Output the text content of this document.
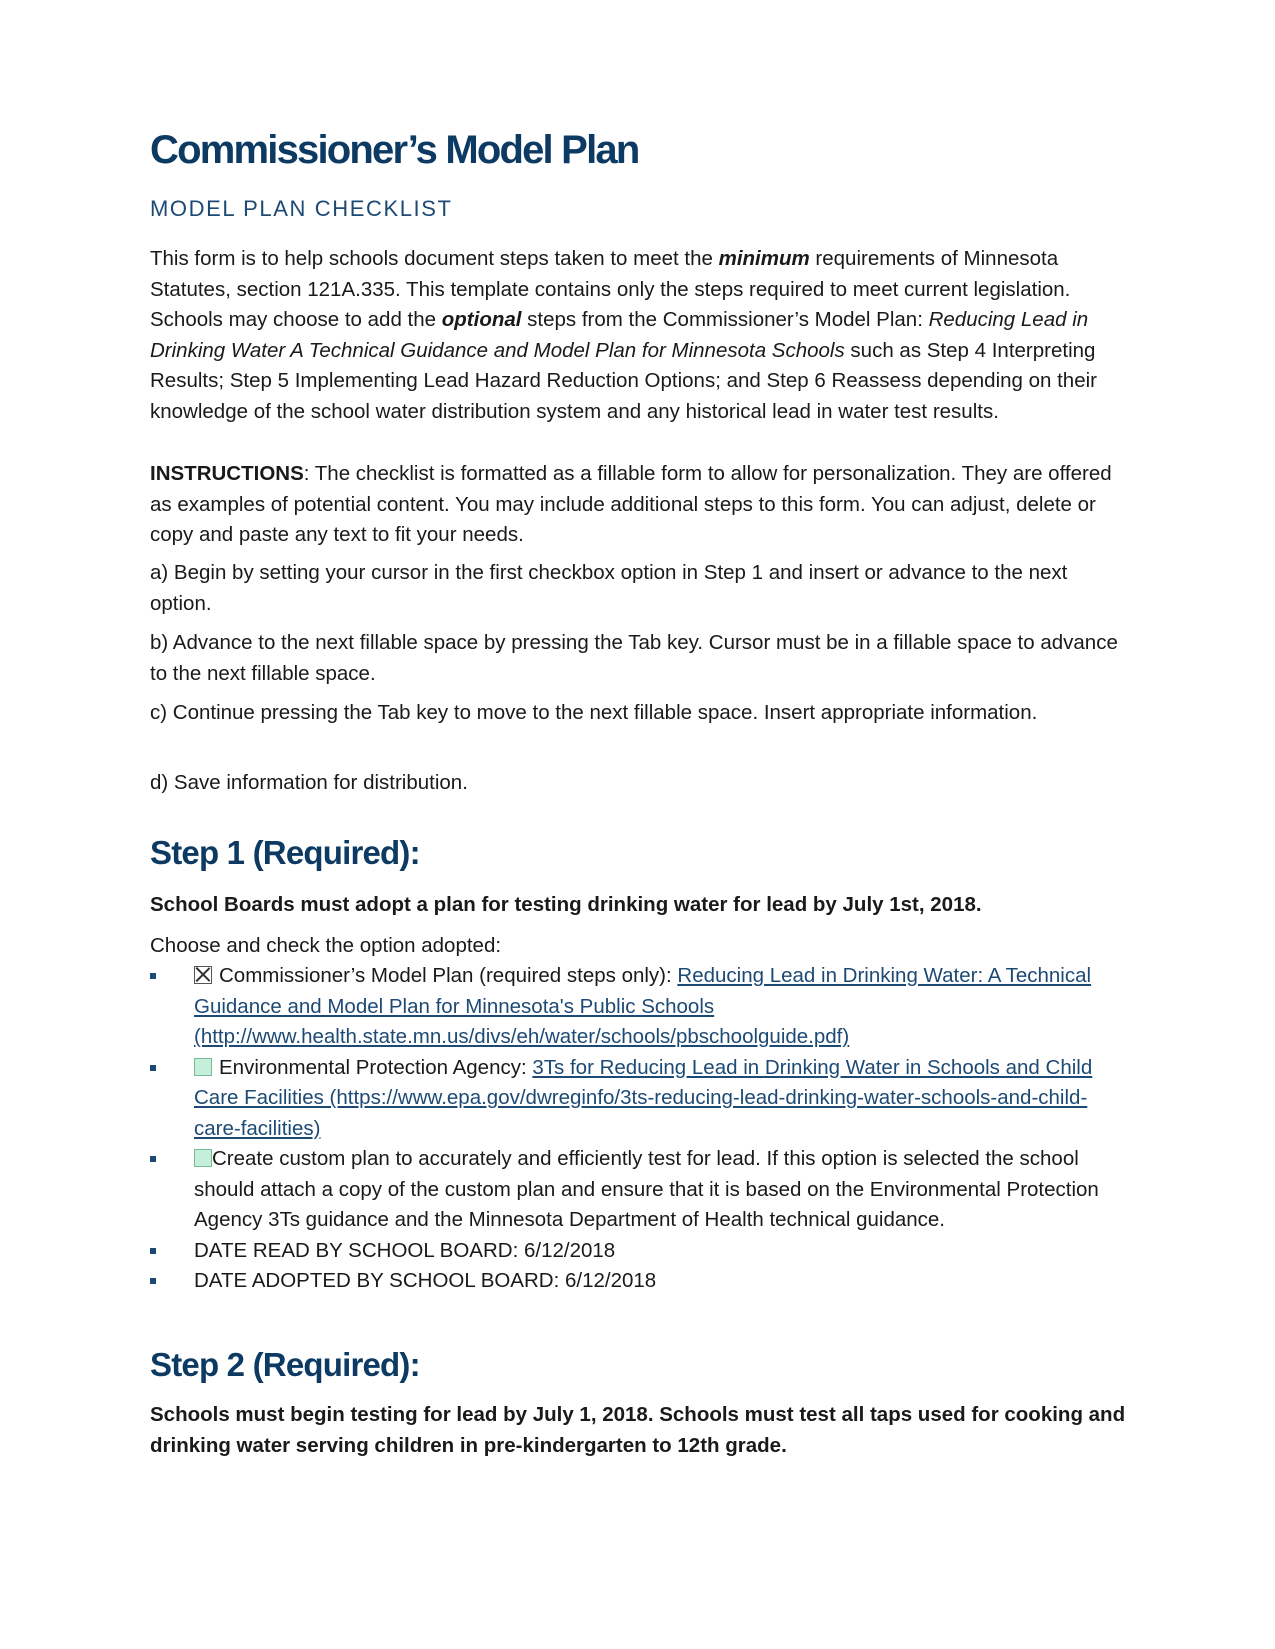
Commissioner’s Model Plan
MODEL PLAN CHECKLIST

This form is to help schools document steps taken to meet the minimum requirements of Minnesota Statutes, section 121A.335. This template contains only the steps required to meet current legislation. Schools may choose to add the optional steps from the Commissioner’s Model Plan: Reducing Lead in Drinking Water A Technical Guidance and Model Plan for Minnesota Schools such as Step 4 Interpreting Results; Step 5 Implementing Lead Hazard Reduction Options; and Step 6 Reassess depending on their knowledge of the school water distribution system and any historical lead in water test results.

INSTRUCTIONS: The checklist is formatted as a fillable form to allow for personalization. They are offered as examples of potential content. You may include additional steps to this form. You can adjust, delete or copy and paste any text to fit your needs.

a) Begin by setting your cursor in the first checkbox option in Step 1 and insert or advance to the next option.

b) Advance to the next fillable space by pressing the Tab key. Cursor must be in a fillable space to advance to the next fillable space.

c) Continue pressing the Tab key to move to the next fillable space. Insert appropriate information.

d) Save information for distribution.

Step 1 (Required):

School Boards must adopt a plan for testing drinking water for lead by July 1st, 2018.

Choose and check the option adopted:

Commissioner’s Model Plan (required steps only): Reducing Lead in Drinking Water: A Technical Guidance and Model Plan for Minnesota's Public Schools (http://www.health.state.mn.us/divs/eh/water/schools/pbschoolguide.pdf)
Environmental Protection Agency: 3Ts for Reducing Lead in Drinking Water in Schools and Child Care Facilities (https://www.epa.gov/dwreginfo/3ts-reducing-lead-drinking-water-schools-and-child-care-facilities)
Create custom plan to accurately and efficiently test for lead. If this option is selected the school should attach a copy of the custom plan and ensure that it is based on the Environmental Protection Agency 3Ts guidance and the Minnesota Department of Health technical guidance.
DATE READ BY SCHOOL BOARD: 6/12/2018
DATE ADOPTED BY SCHOOL BOARD: 6/12/2018
Step 2 (Required):

Schools must begin testing for lead by July 1, 2018. Schools must test all taps used for cooking and drinking water serving children in pre-kindergarten to 12th grade.
